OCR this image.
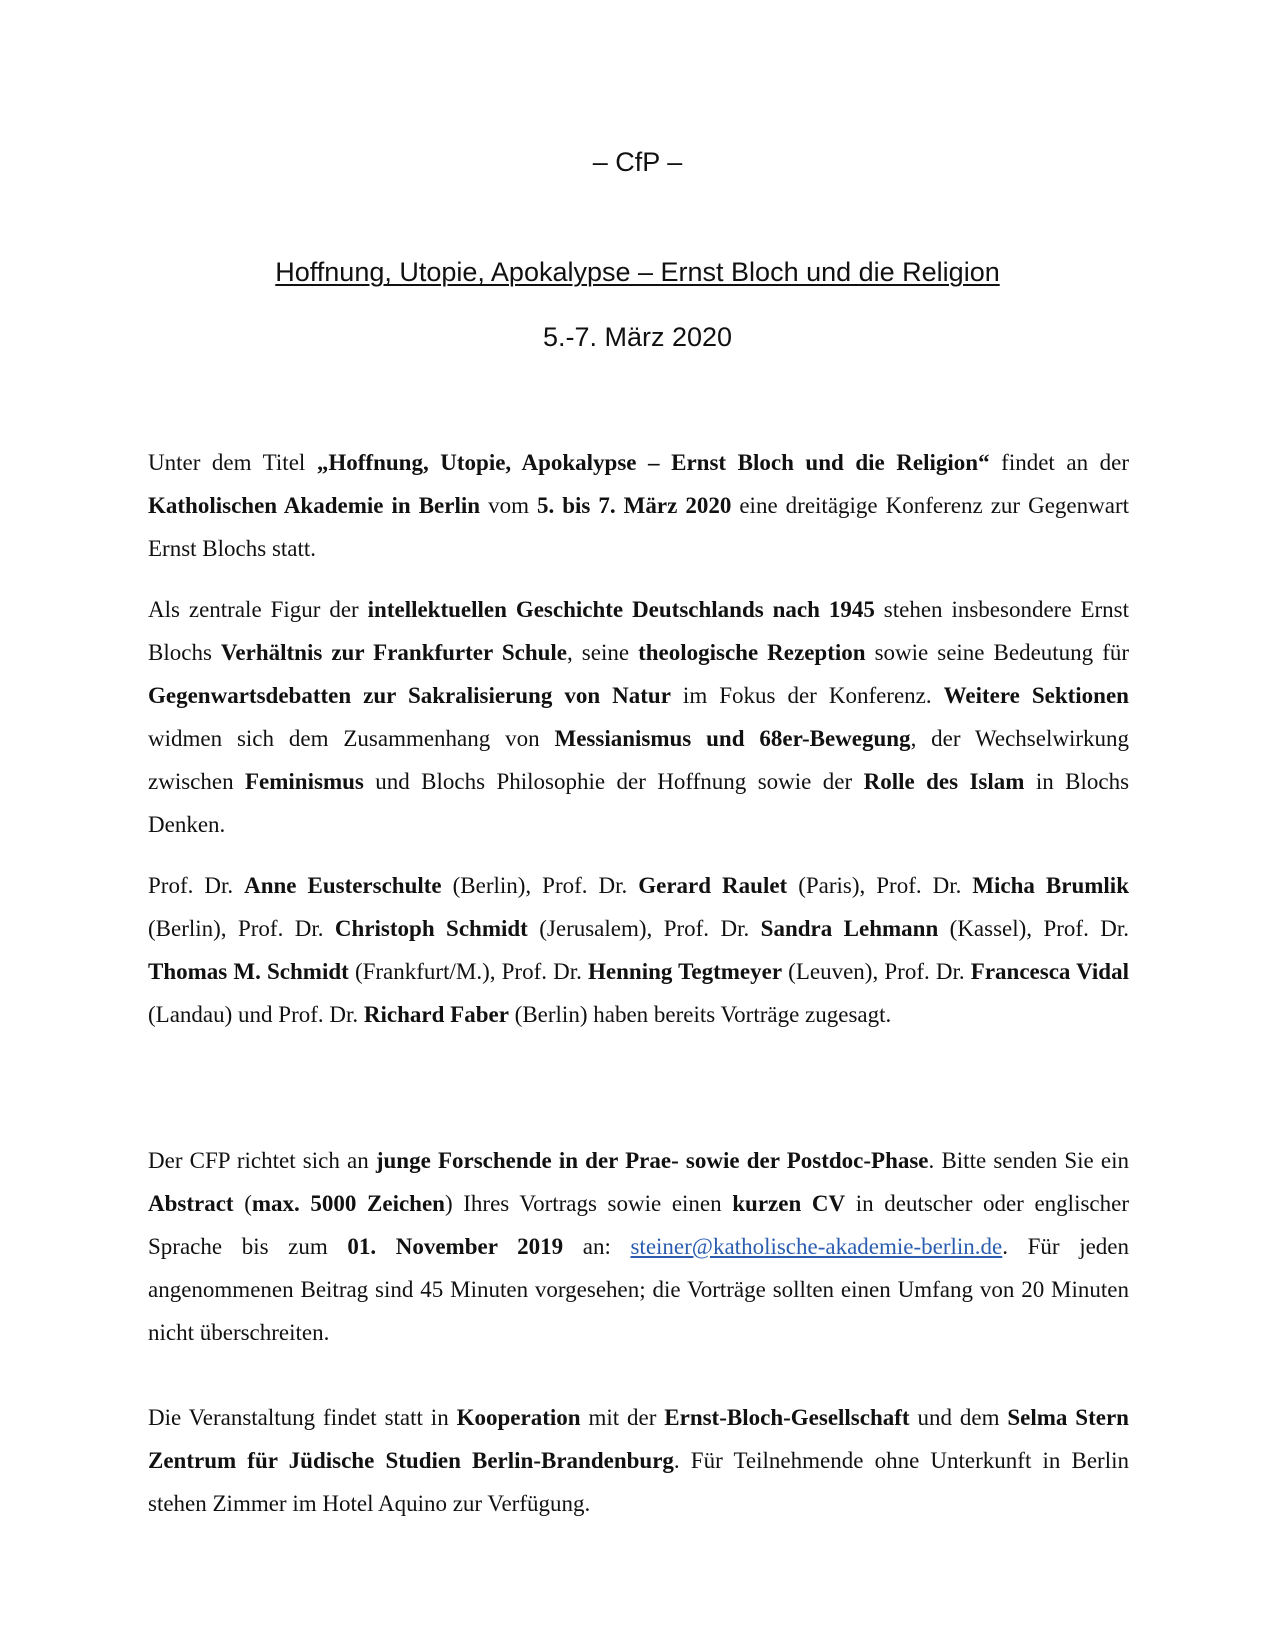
– CfP –
Hoffnung, Utopie, Apokalypse – Ernst Bloch und die Religion
5.-7. März 2020

Unter dem Titel „Hoffnung, Utopie, Apokalypse – Ernst Bloch und die Religion“ findet an der Katholischen Akademie in Berlin vom 5. bis 7. März 2020 eine dreitägige Konferenz zur Gegenwart Ernst Blochs statt.

Als zentrale Figur der intellektuellen Geschichte Deutschlands nach 1945 stehen insbesondere Ernst Blochs Verhältnis zur Frankfurter Schule, seine theologische Rezeption sowie seine Bedeutung für Gegenwartsdebatten zur Sakralisierung von Natur im Fokus der Konferenz. Weitere Sektionen widmen sich dem Zusammenhang von Messianismus und 68er-Bewegung, der Wechselwirkung zwischen Feminismus und Blochs Philosophie der Hoffnung sowie der Rolle des Islam in Blochs Denken.

Prof. Dr. Anne Eusterschulte (Berlin), Prof. Dr. Gerard Raulet (Paris), Prof. Dr. Micha Brumlik (Berlin), Prof. Dr. Christoph Schmidt (Jerusalem), Prof. Dr. Sandra Lehmann (Kassel), Prof. Dr. Thomas M. Schmidt (Frankfurt/M.), Prof. Dr. Henning Tegtmeyer (Leuven), Prof. Dr. Francesca Vidal (Landau) und Prof. Dr. Richard Faber (Berlin) haben bereits Vorträge zugesagt.

Der CFP richtet sich an junge Forschende in der Prae- sowie der Postdoc-Phase. Bitte senden Sie ein Abstract (max. 5000 Zeichen) Ihres Vortrags sowie einen kurzen CV in deutscher oder englischer Sprache bis zum 01. November 2019 an: steiner@katholische-akademie-berlin.de. Für jeden angenommenen Beitrag sind 45 Minuten vorgesehen; die Vorträge sollten einen Umfang von 20 Minuten nicht überschreiten.

Die Veranstaltung findet statt in Kooperation mit der Ernst-Bloch-Gesellschaft und dem Selma Stern Zentrum für Jüdische Studien Berlin-Brandenburg. Für Teilnehmende ohne Unterkunft in Berlin stehen Zimmer im Hotel Aquino zur Verfügung.
